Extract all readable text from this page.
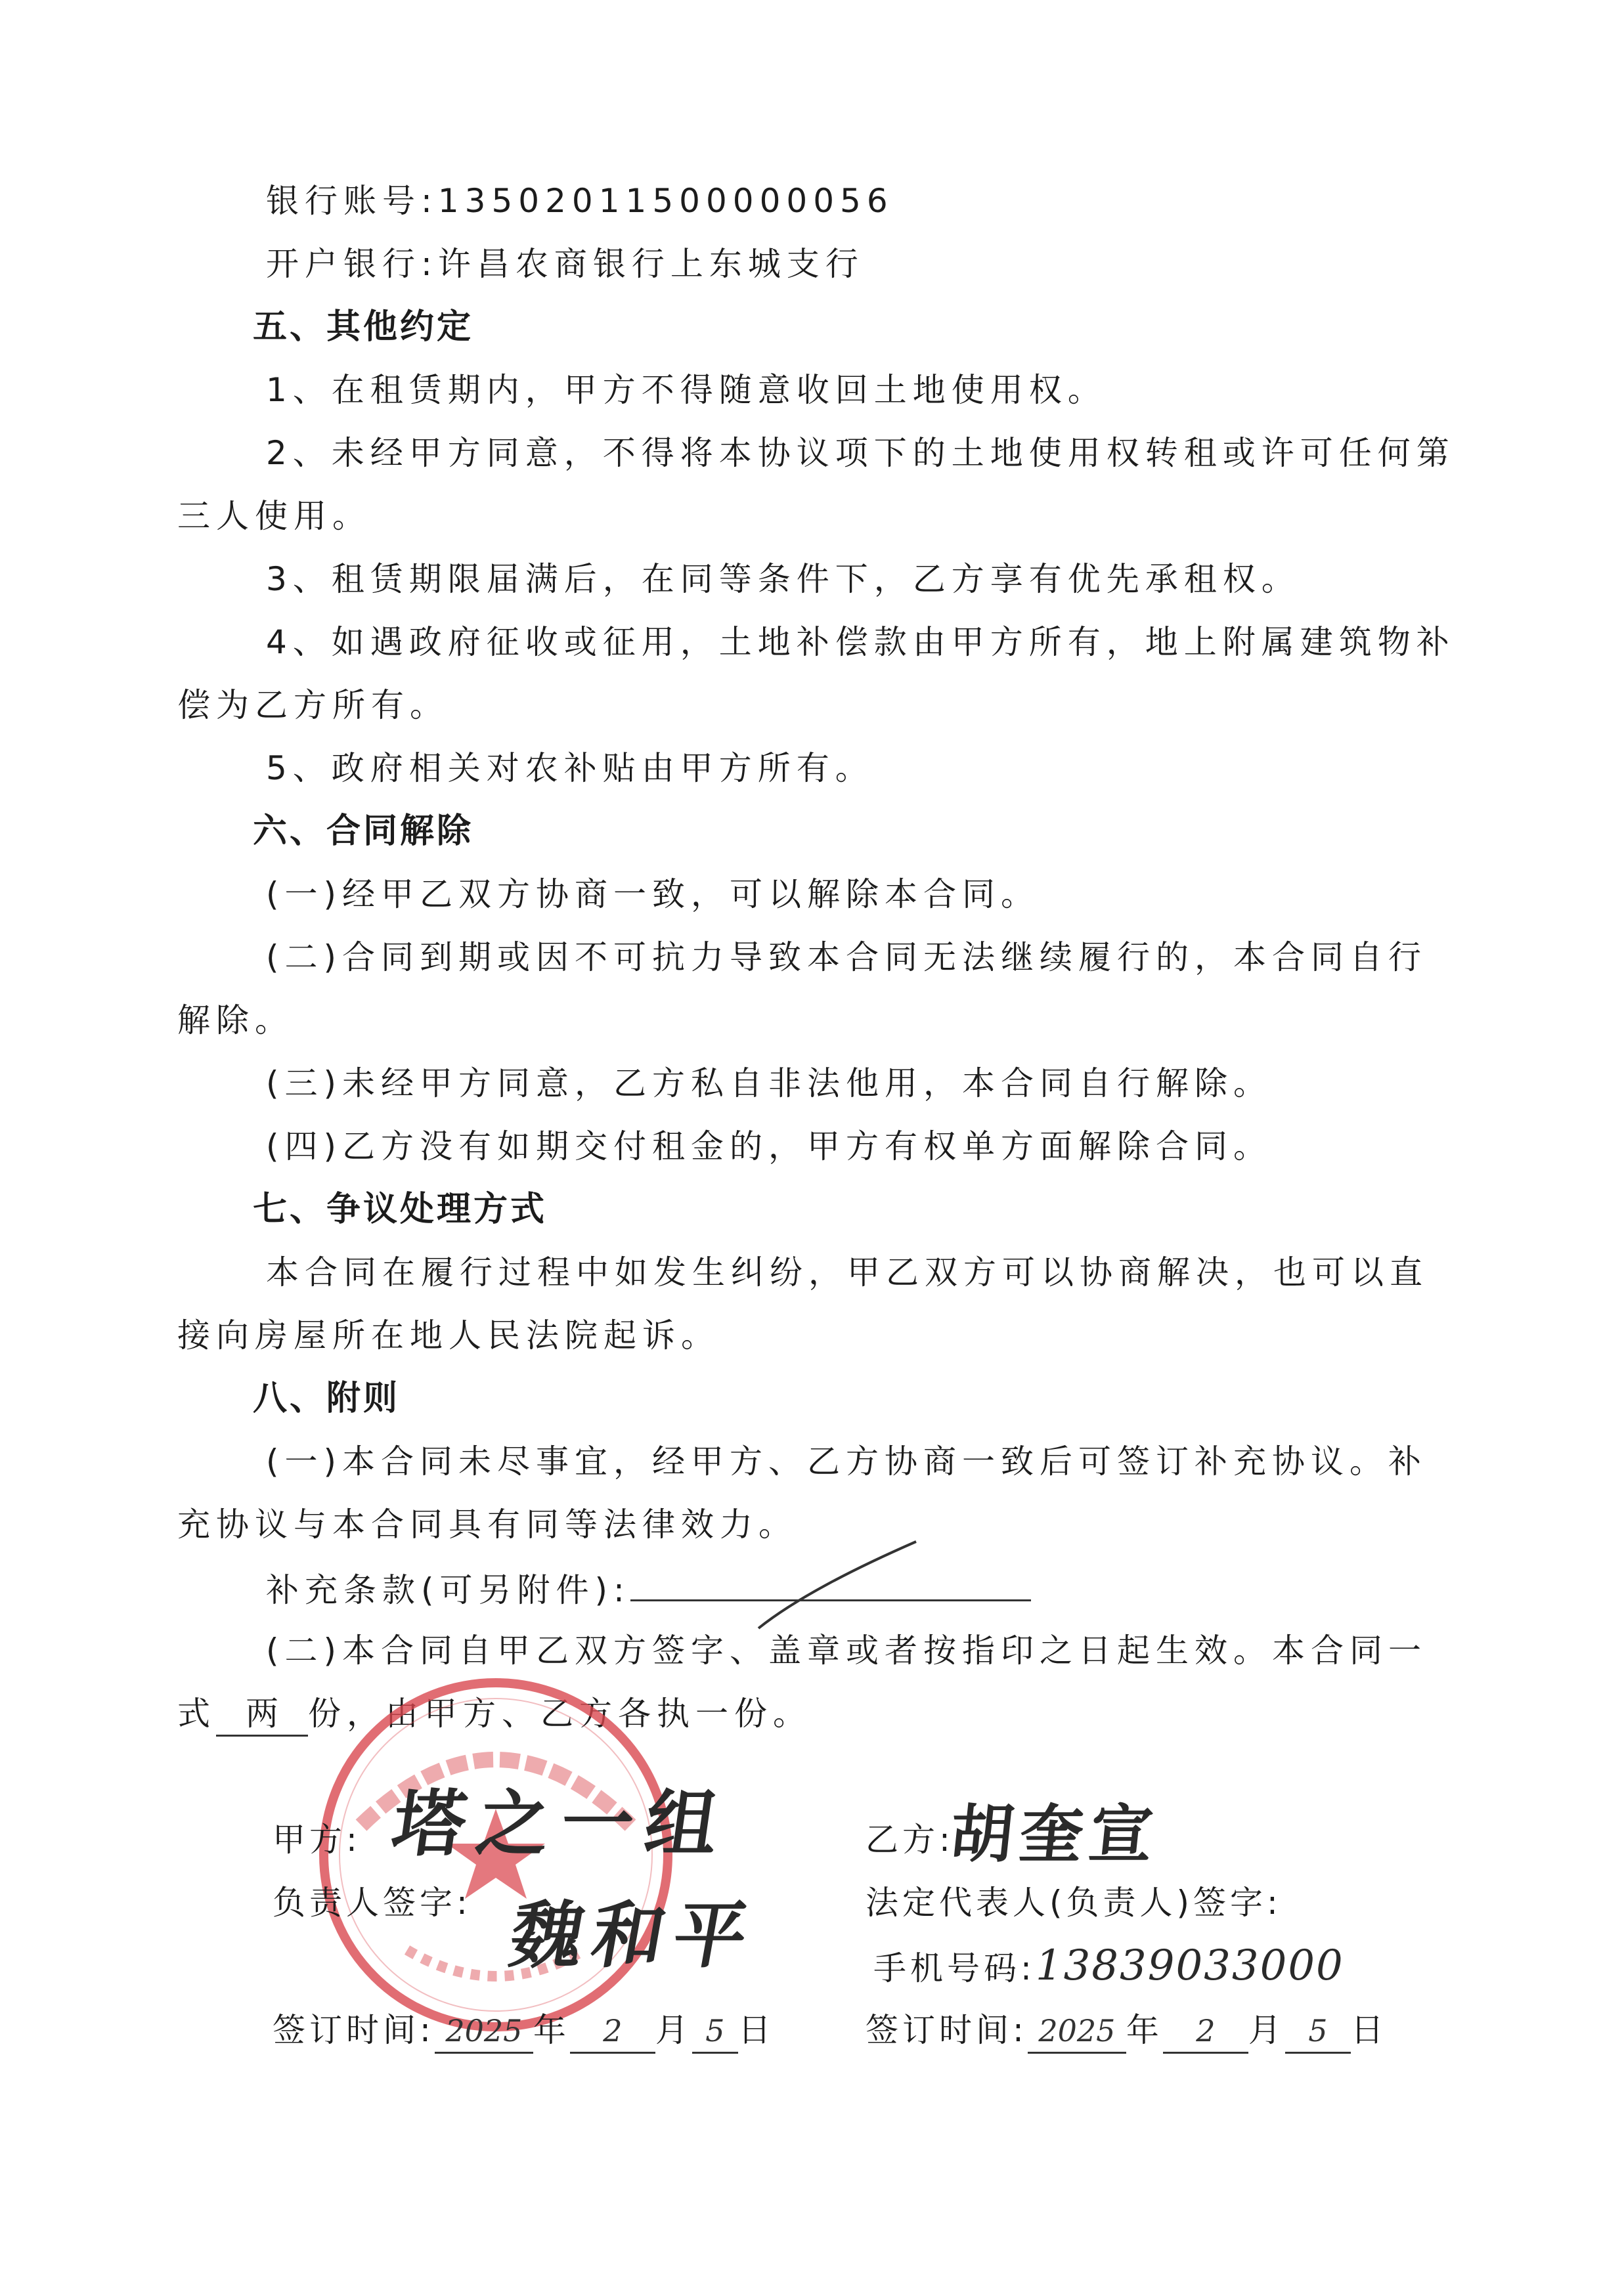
银行账号:13502011500000056

开户银行:许昌农商银行上东城支行

五、其他约定

1、在租赁期内，甲方不得随意收回土地使用权。

2、未经甲方同意，不得将本协议项下的土地使用权转租或许可任何第

三人使用。

3、租赁期限届满后，在同等条件下，乙方享有优先承租权。

4、如遇政府征收或征用，土地补偿款由甲方所有，地上附属建筑物补

偿为乙方所有。

5、政府相关对农补贴由甲方所有。

六、合同解除

(一)经甲乙双方协商一致，可以解除本合同。

(二)合同到期或因不可抗力导致本合同无法继续履行的，本合同自行

解除。

(三)未经甲方同意，乙方私自非法他用，本合同自行解除。

(四)乙方没有如期交付租金的，甲方有权单方面解除合同。

七、争议处理方式

本合同在履行过程中如发生纠纷，甲乙双方可以协商解决，也可以直

接向房屋所在地人民法院起诉。

八、附则

(一)本合同未尽事宜，经甲方、乙方协商一致后可签订补充协议。补

充协议与本合同具有同等法律效力。

补充条款(可另附件):

(二)本合同自甲乙双方签字、盖章或者按指印之日起生效。本合同一

式 两 份，由甲方、乙方各执一份。

甲方:

负责人签字:

乙方:

法定代表人(负责人)签字:

手机号码:13839033000

塔之一组
魏和平
胡奎宣

签订时间: 2025 年 2 月 5 日	签订时间: 2025 年 2 月 5 日
